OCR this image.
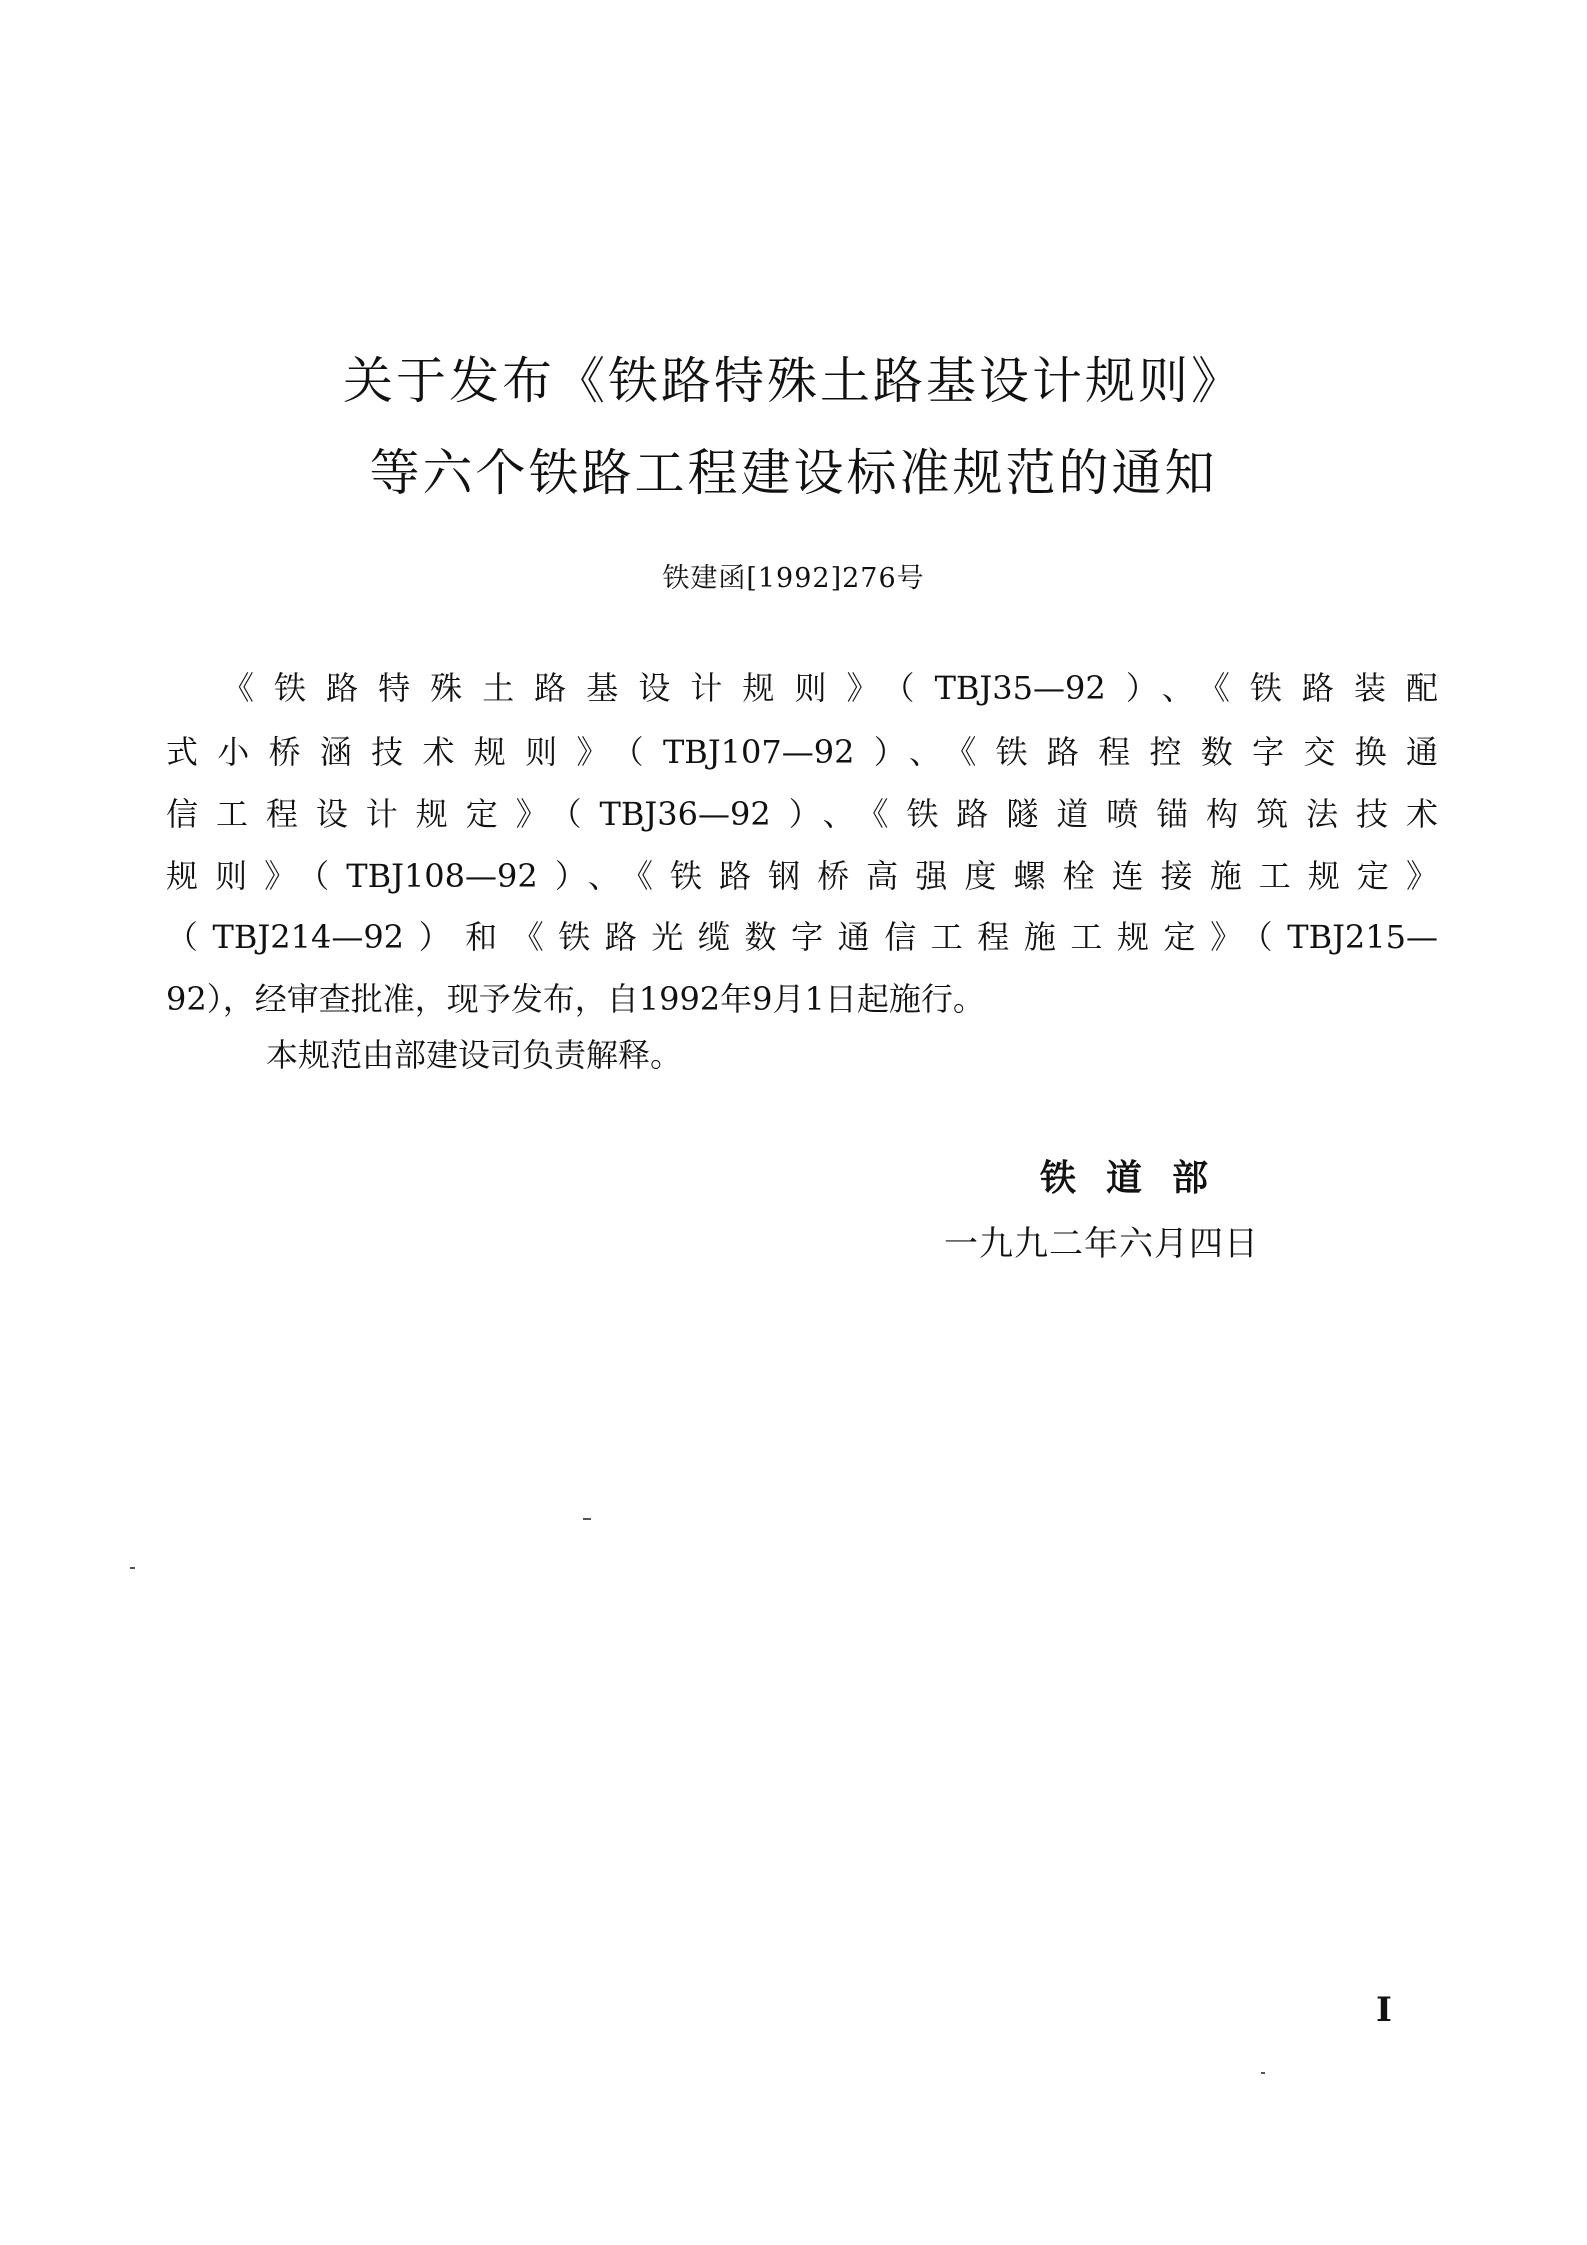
关于发布《铁路特殊土路基设计规则》
等六个铁路工程建设标准规范的通知
铁建函[1992]276号
《铁路特殊土路基设计规则》（TBJ35—92）、《铁路装配
式小桥涵技术规则》（TBJ107—92）、《铁路程控数字交换通
信工程设计规定》（TBJ36—92）、《铁路隧道喷锚构筑法技术
规则》（TBJ108—92）、《铁路钢桥高强度螺栓连接施工规定》
（TBJ214—92）和《铁路光缆数字通信工程施工规定》（TBJ215—
92），经审查批准，现予发布，自1992年9月1日起施行。
本规范由部建设司负责解释。
铁道部
一九九二年六月四日
Ⅰ
